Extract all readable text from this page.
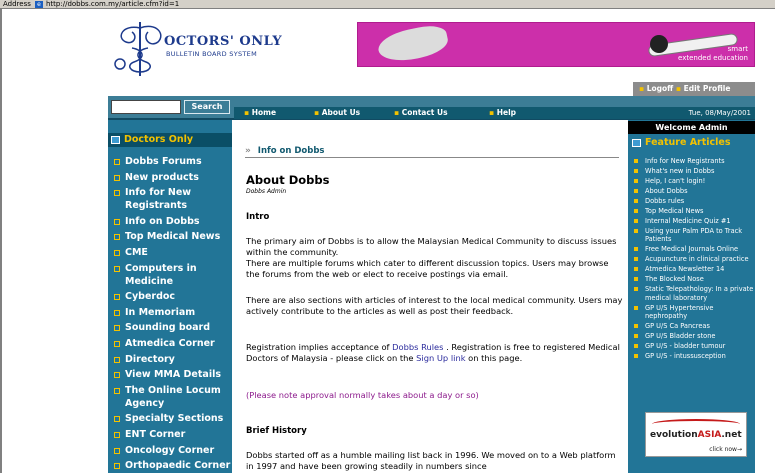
Address	e http://dobbs.com.my/article.cfm?id=1
OCTORS' ONLY
BULLETIN BOARD SYSTEM
smart
extended education
▪ Logoff ▪ Edit Profile
Search
▪ Home	▪ About Us	▪ Contact Us	▪ Help	Tue, 08/May/2001
Doctors Only
Dobbs Forums
New products
Info for New Registrants
Info on Dobbs
Top Medical News
CME
Computers in Medicine
Cyberdoc
In Memoriam
Sounding board
Atmedica Corner
Directory
View MMA Details
The Online Locum Agency
Specialty Sections
ENT Corner
Oncology Corner
Orthopaedic Corner
Welcome Admin
Feature Articles
Info for New Registrants
What's new in Dobbs
Help, I can't login!
About Dobbs
Dobbs rules
Top Medical News
Internal Medicine Quiz #1
Using your Palm PDA to Track Patients
Free Medical Journals Online
Acupuncture in clinical practice
Atmedica Newsletter 14
The Blocked Nose
Static Telepathology: In a private medical laboratory
GP U/S Hypertensive nephropathy
GP U/S Ca Pancreas
GP U/S Bladder stone
GP U/S - bladder tumour
GP U/S - intussusception
evolutionASIA.net
click now→
» Info on Dobbs
About Dobbs
Dobbs Admin
Intro
The primary aim of Dobbs is to allow the Malaysian Medical Community to discuss issues within the community.
There are multiple forums which cater to different discussion topics. Users may browse the forums from the web or elect to receive postings via email.
There are also sections with articles of interest to the local medical community. Users may actively contribute to the articles as well as post their feedback.
Registration implies acceptance of Dobbs Rules . Registration is free to registered Medical Doctors of Malaysia - please click on the Sign Up link on this page.
(Please note approval normally takes about a day or so)
Brief History
Dobbs started off as a humble mailing list back in 1996. We moved on to a Web platform in 1997 and have been growing steadily in numbers since
